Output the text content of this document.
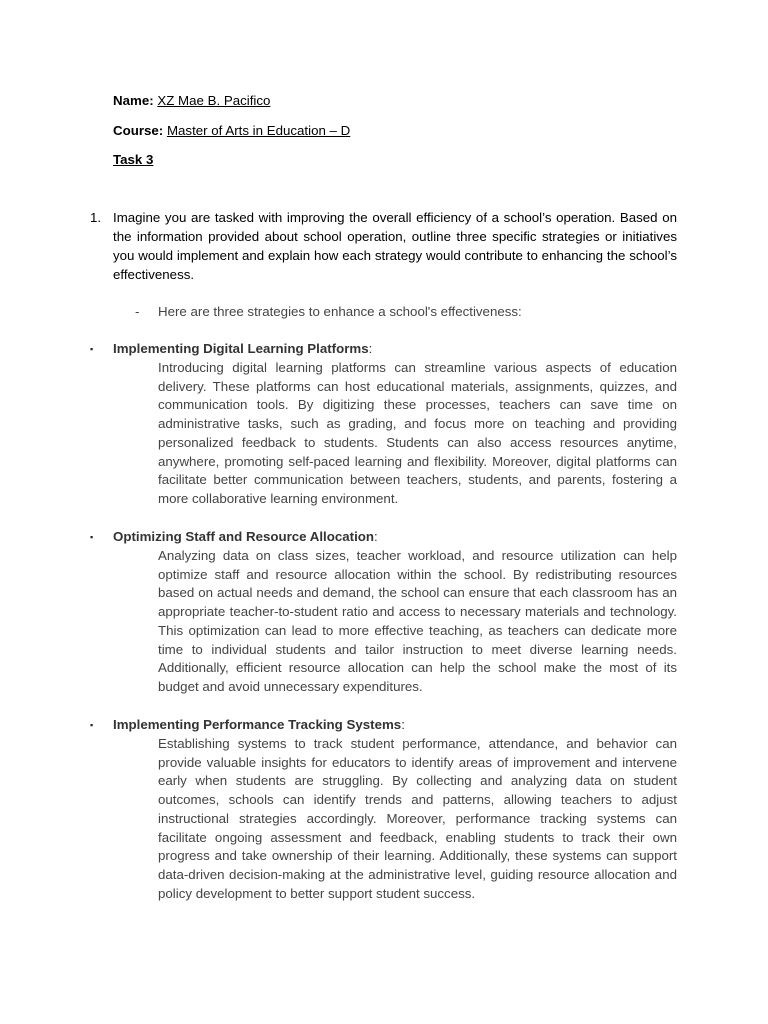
Name: XZ Mae B. Pacifico
Course: Master of Arts in Education – D
Task 3
1. Imagine you are tasked with improving the overall efficiency of a school’s operation. Based on the information provided about school operation, outline three specific strategies or initiatives you would implement and explain how each strategy would contribute to enhancing the school’s effectiveness.
- Here are three strategies to enhance a school's effectiveness:
▪ Implementing Digital Learning Platforms:
Introducing digital learning platforms can streamline various aspects of education delivery. These platforms can host educational materials, assignments, quizzes, and communication tools. By digitizing these processes, teachers can save time on administrative tasks, such as grading, and focus more on teaching and providing personalized feedback to students. Students can also access resources anytime, anywhere, promoting self-paced learning and flexibility. Moreover, digital platforms can facilitate better communication between teachers, students, and parents, fostering a more collaborative learning environment.
▪ Optimizing Staff and Resource Allocation:
Analyzing data on class sizes, teacher workload, and resource utilization can help optimize staff and resource allocation within the school. By redistributing resources based on actual needs and demand, the school can ensure that each classroom has an appropriate teacher-to-student ratio and access to necessary materials and technology. This optimization can lead to more effective teaching, as teachers can dedicate more time to individual students and tailor instruction to meet diverse learning needs. Additionally, efficient resource allocation can help the school make the most of its budget and avoid unnecessary expenditures.
▪ Implementing Performance Tracking Systems:
Establishing systems to track student performance, attendance, and behavior can provide valuable insights for educators to identify areas of improvement and intervene early when students are struggling. By collecting and analyzing data on student outcomes, schools can identify trends and patterns, allowing teachers to adjust instructional strategies accordingly. Moreover, performance tracking systems can facilitate ongoing assessment and feedback, enabling students to track their own progress and take ownership of their learning. Additionally, these systems can support data-driven decision-making at the administrative level, guiding resource allocation and policy development to better support student success.
